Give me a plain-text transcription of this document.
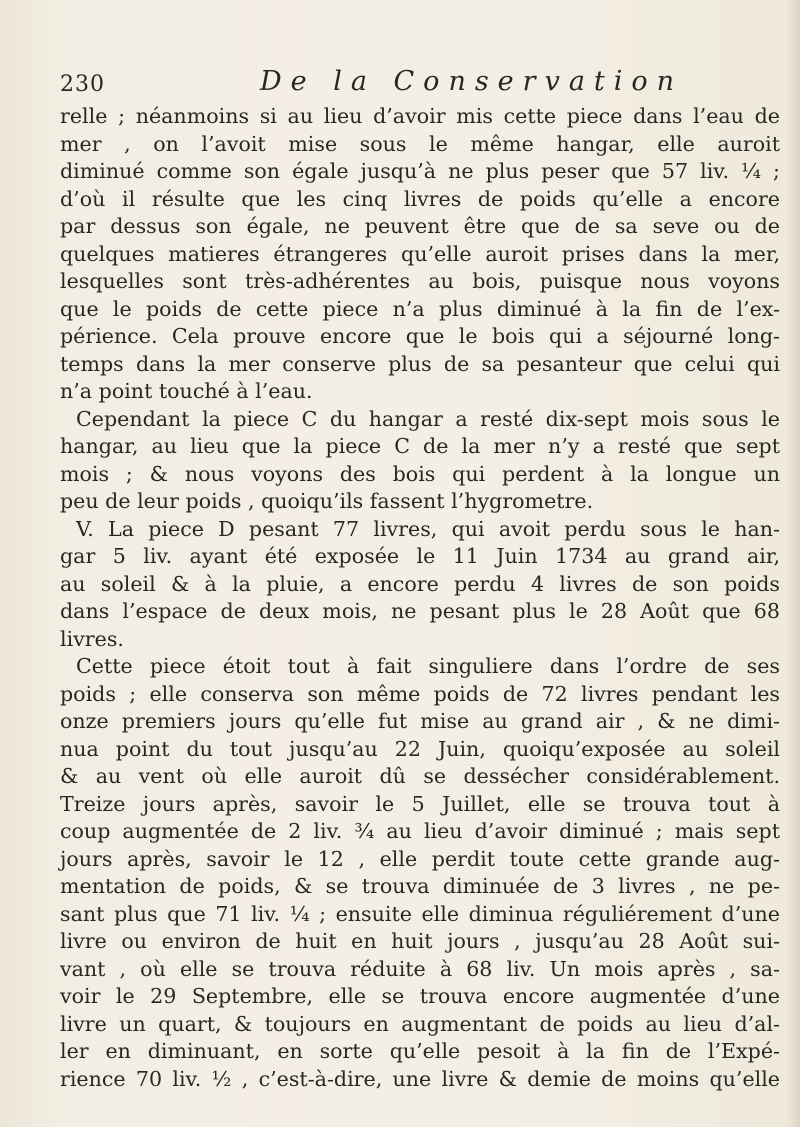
230	De la Conservation
relle ; néanmoins si au lieu d’avoir mis cette piece dans l’eau de
mer , on l’avoit mise sous le même hangar, elle auroit
diminué comme son égale jusqu’à ne plus peser que 57 liv. ¼ ;
d’où il résulte que les cinq livres de poids qu’elle a encore
par dessus son égale, ne peuvent être que de sa seve ou de
quelques matieres étrangeres qu’elle auroit prises dans la mer,
lesquelles sont très-adhérentes au bois, puisque nous voyons
que le poids de cette piece n’a plus diminué à la fin de l’ex-
périence. Cela prouve encore que le bois qui a séjourné long-
temps dans la mer conserve plus de sa pesanteur que celui qui
n’a point touché à l’eau.
Cependant la piece C du hangar a resté dix-sept mois sous le
hangar, au lieu que la piece C de la mer n’y a resté que sept
mois ; & nous voyons des bois qui perdent à la longue un
peu de leur poids , quoiqu’ils fassent l’hygrometre.
V. La piece D pesant 77 livres, qui avoit perdu sous le han-
gar 5 liv. ayant été exposée le 11 Juin 1734 au grand air,
au soleil & à la pluie, a encore perdu 4 livres de son poids
dans l’espace de deux mois, ne pesant plus le 28 Août que 68
livres.
Cette piece étoit tout à fait singuliere dans l’ordre de ses
poids ; elle conserva son même poids de 72 livres pendant les
onze premiers jours qu’elle fut mise au grand air , & ne dimi-
nua point du tout jusqu’au 22 Juin, quoiqu’exposée au soleil
& au vent où elle auroit dû se dessécher considérablement.
Treize jours après, savoir le 5 Juillet, elle se trouva tout à
coup augmentée de 2 liv. ¾ au lieu d’avoir diminué ; mais sept
jours après, savoir le 12 , elle perdit toute cette grande aug-
mentation de poids, & se trouva diminuée de 3 livres , ne pe-
sant plus que 71 liv. ¼ ; ensuite elle diminua réguliérement d’une
livre ou environ de huit en huit jours , jusqu’au 28 Août sui-
vant , où elle se trouva réduite à 68 liv. Un mois après , sa-
voir le 29 Septembre, elle se trouva encore augmentée d’une
livre un quart, & toujours en augmentant de poids au lieu d’al-
ler en diminuant, en sorte qu’elle pesoit à la fin de l’Expé-
rience 70 liv. ½ , c’est-à-dire, une livre & demie de moins qu’elle
